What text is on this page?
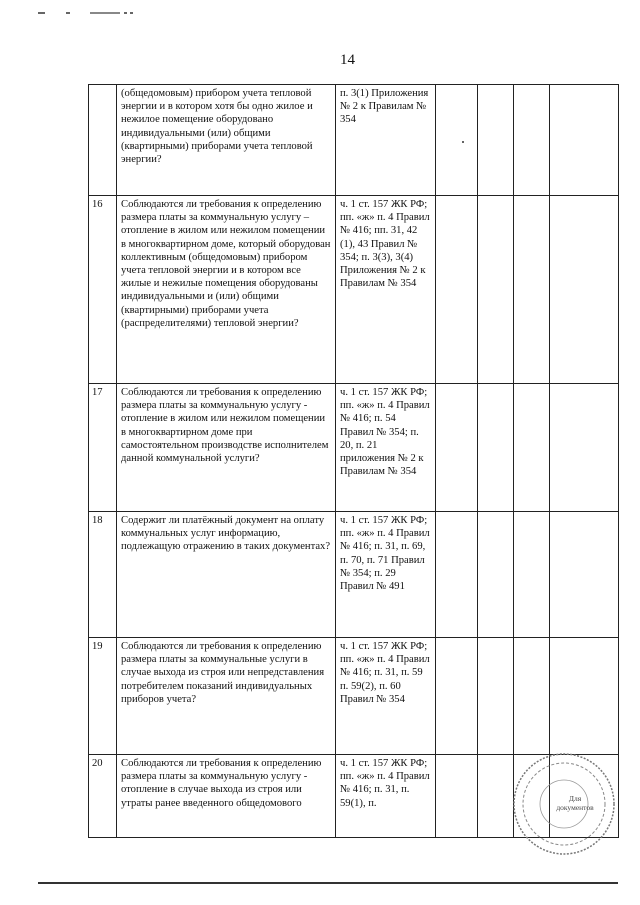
14
	(общедомовым) прибором учета тепловой энергии и в котором хотя бы одно жилое и нежилое помещение оборудовано индивидуальными (или) общими (квартирными) приборами учета тепловой энергии?	п. 3(1) Приложения № 2 к Правилам № 354				
16	Соблюдаются ли требования к определению размера платы за коммунальную услугу – отопление в жилом или нежилом помещении в многоквартирном доме, который оборудован коллективным (общедомовым) прибором учета тепловой энергии и в котором все жилые и нежилые помещения оборудованы индивидуальными и (или) общими (квартирными) приборами учета (распределителями) тепловой энергии?	ч. 1 ст. 157 ЖК РФ; пп. «ж» п. 4 Правил № 416; пп. 31, 42 (1), 43 Правил № 354; п. 3(3), 3(4) Приложения № 2 к Правилам № 354				
17	Соблюдаются ли требования к определению размера платы за коммунальную услугу - отопление в жилом или нежилом помещении в многоквартирном доме при самостоятельном производстве исполнителем данной коммунальной услуги?	ч. 1 ст. 157 ЖК РФ; пп. «ж» п. 4 Правил № 416; п. 54 Правил № 354; п. 20, п. 21 приложения № 2 к Правилам № 354				
18	Содержит ли платёжный документ на оплату коммунальных услуг информацию, подлежащую отражению в таких документах?	ч. 1 ст. 157 ЖК РФ; пп. «ж» п. 4 Правил № 416; п. 31, п. 69, п. 70, п. 71 Правил № 354; п. 29 Правил № 491				
19	Соблюдаются ли требования к определению размера платы за коммунальные услуги в случае выхода из строя или непредставления потребителем показаний индивидуальных приборов учета?	ч. 1 ст. 157 ЖК РФ; пп. «ж» п. 4 Правил № 416; п. 31, п. 59 п. 59(2), п. 60 Правил № 354				
20	Соблюдаются ли требования к определению размера платы за коммунальную услугу - отопление в случае выхода из строя или утраты ранее введенного общедомового	ч. 1 ст. 157 ЖК РФ; пп. «ж» п. 4 Правил № 416; п. 31, п. 59(1), п.					Для документов
